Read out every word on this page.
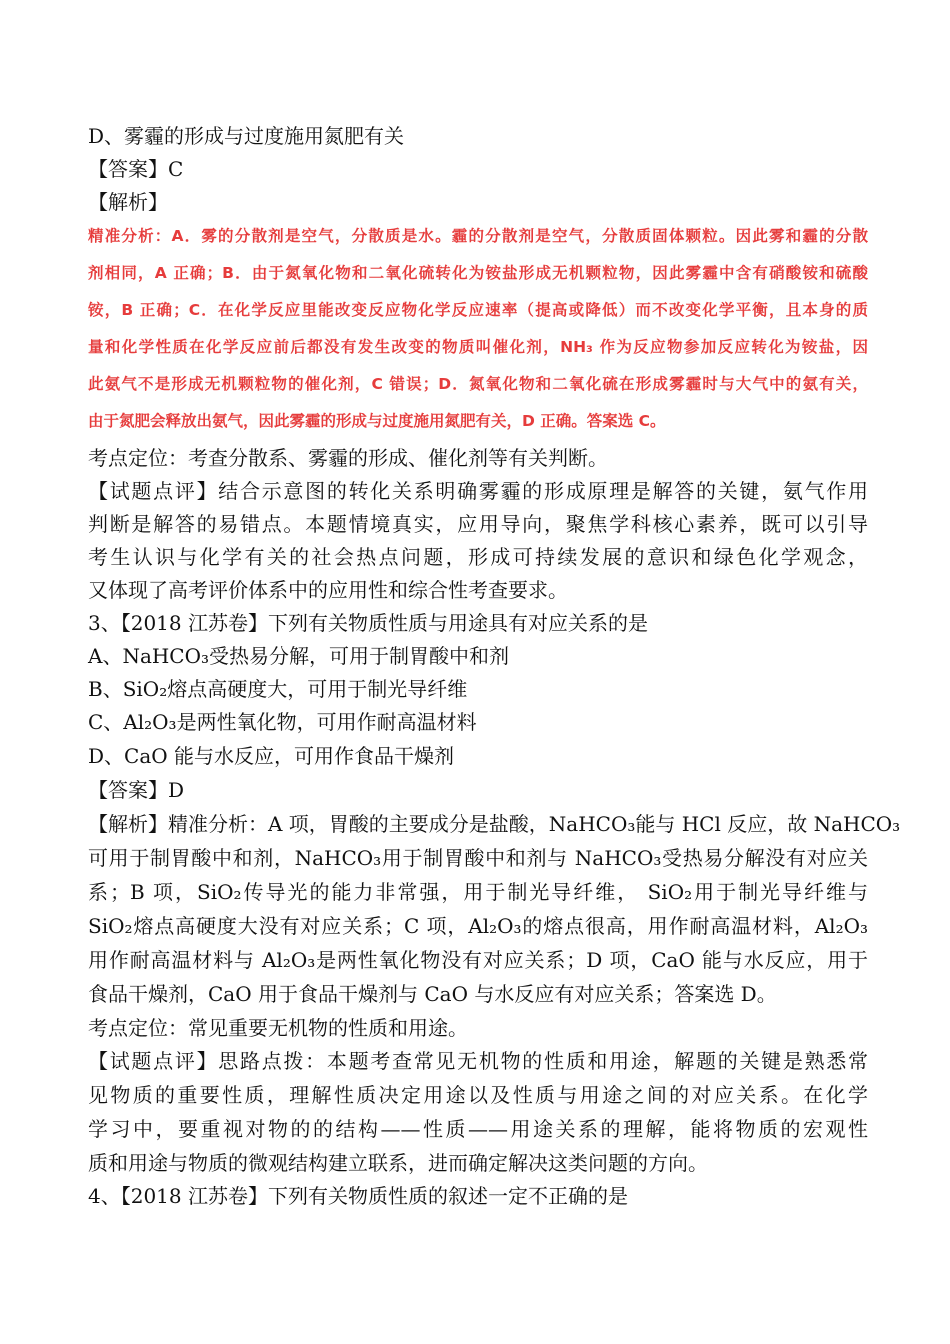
D、雾霾的形成与过度施用氮肥有关
【答案】C
【解析】
精准分析：A．雾的分散剂是空气，分散质是水。霾的分散剂是空气，分散质固体颗粒。因此雾和霾的分散
剂相同，A 正确；B．由于氮氧化物和二氧化硫转化为铵盐形成无机颗粒物，因此雾霾中含有硝酸铵和硫酸
铵，B 正确；C．在化学反应里能改变反应物化学反应速率（提高或降低）而不改变化学平衡，且本身的质
量和化学性质在化学反应前后都没有发生改变的物质叫催化剂，NH₃ 作为反应物参加反应转化为铵盐，因
此氨气不是形成无机颗粒物的催化剂，C 错误；D．氮氧化物和二氧化硫在形成雾霾时与大气中的氨有关，
由于氮肥会释放出氨气，因此雾霾的形成与过度施用氮肥有关，D 正确。答案选 C。
考点定位：考查分散系、雾霾的形成、催化剂等有关判断。
【试题点评】结合示意图的转化关系明确雾霾的形成原理是解答的关键，氨气作用
判断是解答的易错点。本题情境真实，应用导向，聚焦学科核心素养，既可以引导
考生认识与化学有关的社会热点问题，形成可持续发展的意识和绿色化学观念，
又体现了高考评价体系中的应用性和综合性考查要求。
3、【2018 江苏卷】下列有关物质性质与用途具有对应关系的是
A、NaHCO₃受热易分解，可用于制胃酸中和剂
B、SiO₂熔点高硬度大，可用于制光导纤维
C、Al₂O₃是两性氧化物，可用作耐高温材料
D、CaO 能与水反应，可用作食品干燥剂
【答案】D
【解析】精准分析：A 项，胃酸的主要成分是盐酸，NaHCO₃能与 HCl 反应，故 NaHCO₃
可用于制胃酸中和剂，NaHCO₃用于制胃酸中和剂与 NaHCO₃受热易分解没有对应关
系；B 项，SiO₂传导光的能力非常强，用于制光导纤维， SiO₂用于制光导纤维与
SiO₂熔点高硬度大没有对应关系；C 项，Al₂O₃的熔点很高，用作耐高温材料，Al₂O₃
用作耐高温材料与 Al₂O₃是两性氧化物没有对应关系；D 项，CaO 能与水反应，用于
食品干燥剂，CaO 用于食品干燥剂与 CaO 与水反应有对应关系；答案选 D。
考点定位：常见重要无机物的性质和用途。
【试题点评】思路点拨：本题考查常见无机物的性质和用途，解题的关键是熟悉常
见物质的重要性质，理解性质决定用途以及性质与用途之间的对应关系。在化学
学习中，要重视对物的的结构——性质——用途关系的理解，能将物质的宏观性
质和用途与物质的微观结构建立联系，进而确定解决这类问题的方向。
4、【2018 江苏卷】下列有关物质性质的叙述一定不正确的是
